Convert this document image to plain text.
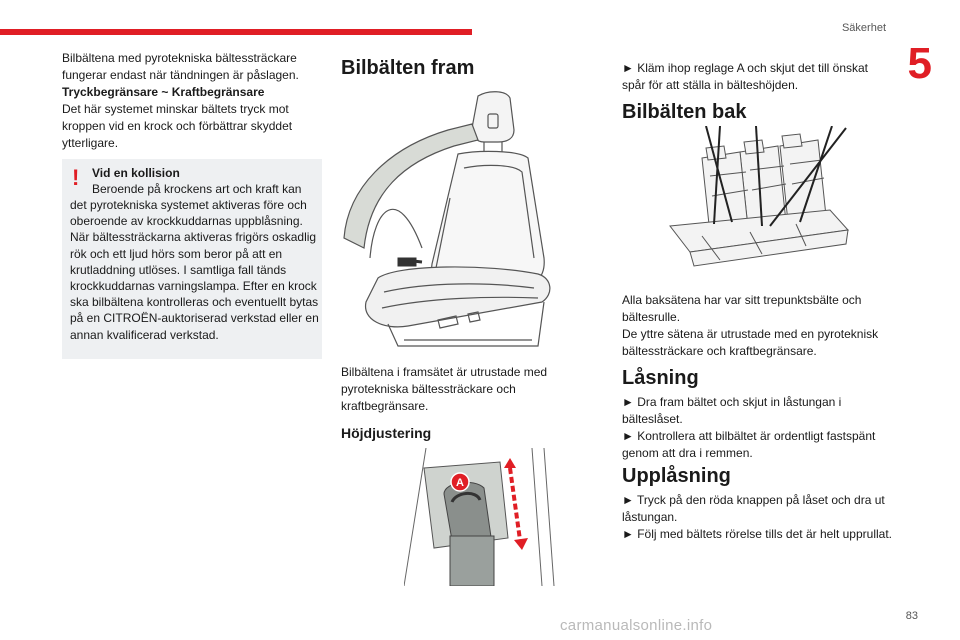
Säkerhet
5

Bilbältena med pyrotekniska bältessträckare fungerar endast när tändningen är påslagen.

Tryckbegränsare ~ Kraftbegränsare

Det här systemet minskar bältets tryck mot kroppen vid en krock och förbättrar skyddet ytterligare.

! Vid en kollision
Beroende på krockens art och kraft kan
det pyrotekniska systemet aktiveras före och oberoende av krockkuddarnas uppblåsning. När bältessträckarna aktiveras frigörs oskadlig rök och ett ljud hörs som beror på att en krutladdning utlöses. I samtliga fall tänds krockkuddarnas varningslampa. Efter en krock ska bilbältena kontrolleras och eventuellt bytas på en CITROËN-auktoriserad verkstad eller en annan kvalificerad verkstad.
Bilbälten fram
Bilbältena i framsätet är utrustade med pyrotekniska bältessträckare och kraftbegränsare.
Höjdjustering
A

► Kläm ihop reglage A och skjut det till önskat spår för att ställa in bälteshöjden.

Bilbälten bak

Alla baksätena har var sitt trepunktsbälte och bältesrulle.

De yttre sätena är utrustade med en pyroteknisk bältessträckare och kraftbegränsare.

Låsning

► Dra fram bältet och skjut in låstungan i bälteslåset.

► Kontrollera att bilbältet är ordentligt fastspänt genom att dra i remmen.

Upplåsning

► Tryck på den röda knappen på låset och dra ut låstungan.

► Följ med bältets rörelse tills det är helt upprullat.

83
carmanualsonline.info
